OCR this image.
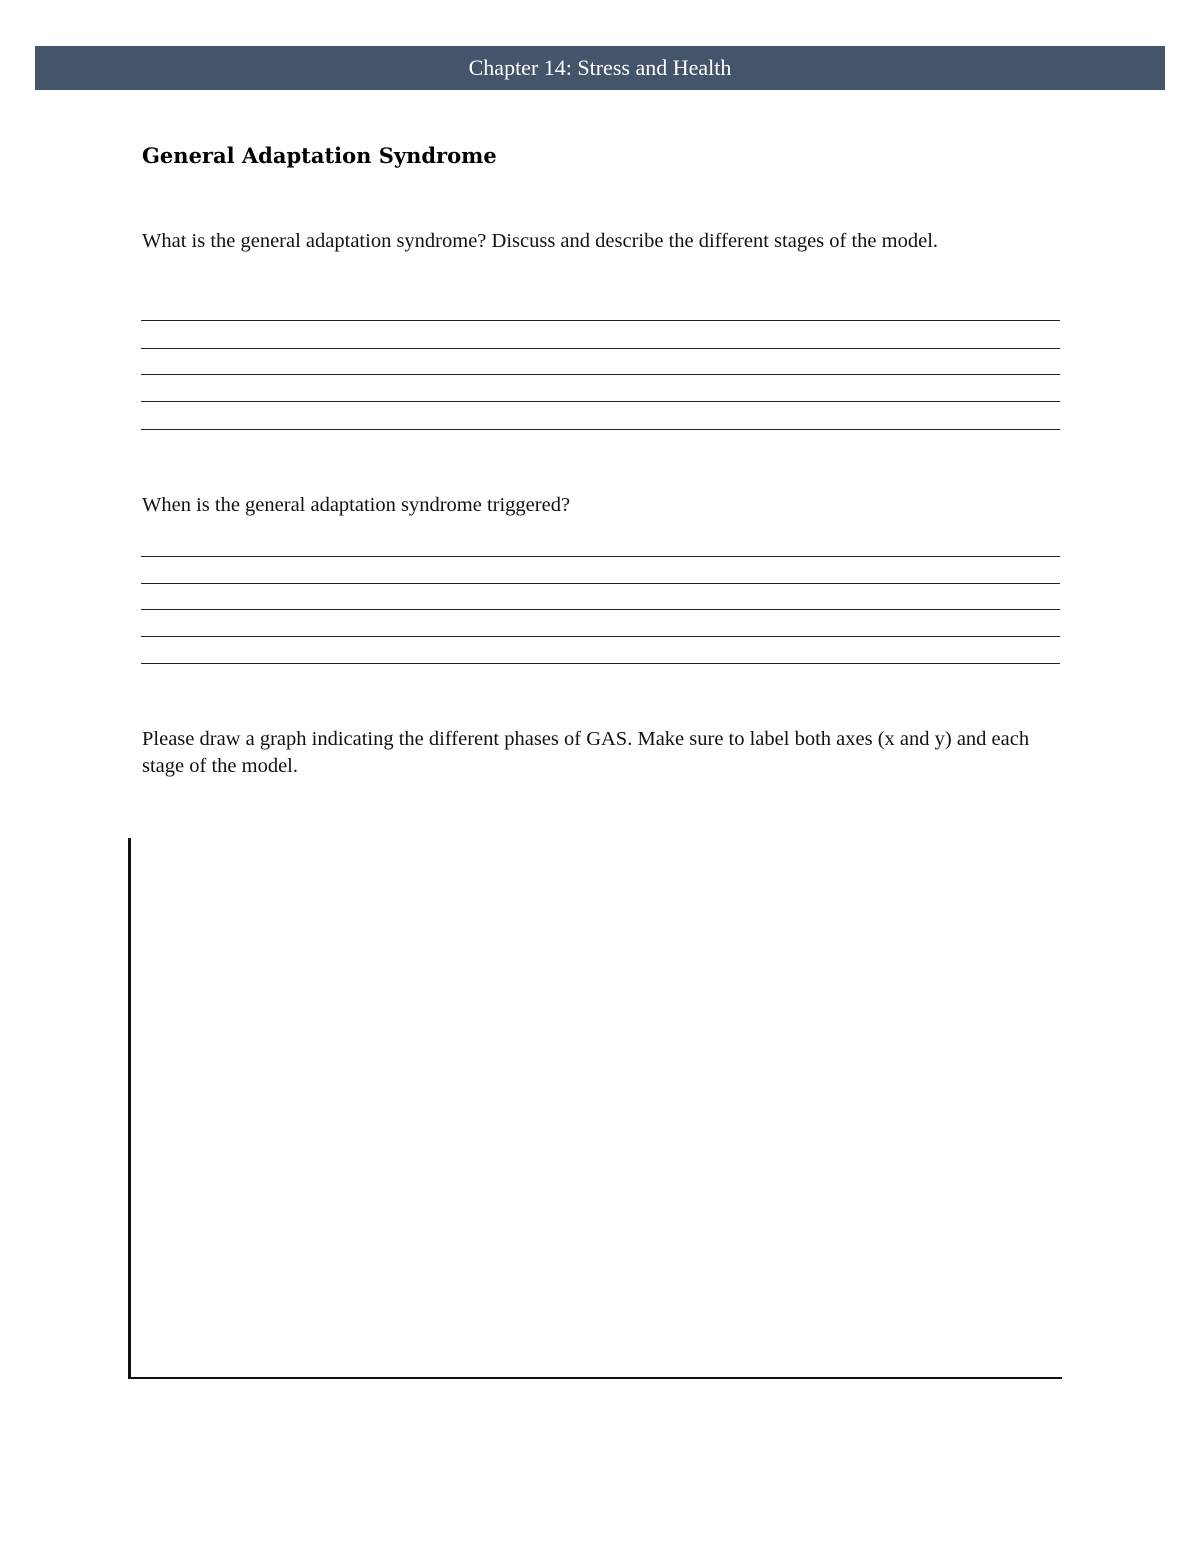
Chapter 14: Stress and Health
General Adaptation Syndrome

What is the general adaptation syndrome? Discuss and describe the different stages of the model.

When is the general adaptation syndrome triggered?

Please draw a graph indicating the different phases of GAS. Make sure to label both axes (x and y) and each stage of the model.
